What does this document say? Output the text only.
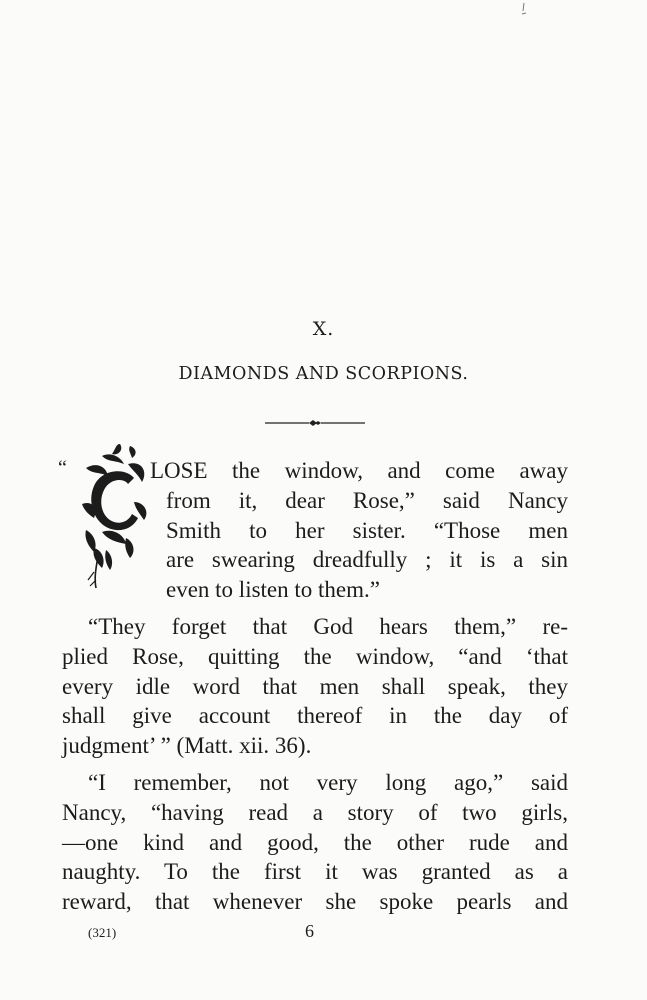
X.
DIAMONDS AND SCORPIONS.
“	LOSE the window, and come away
from it, dear Rose,” said Nancy
Smith to her sister. “Those men
are swearing dreadfully ; it is a sin
even to listen to them.”
“They forget that God hears them,” re-
plied Rose, quitting the window, “and ‘that
every idle word that men shall speak, they
shall give account thereof in the day of
judgment’ ” (Matt. xii. 36).
“I remember, not very long ago,” said
Nancy, “having read a story of two girls,
—one kind and good, the other rude and
naughty. To the first it was granted as a
reward, that whenever she spoke pearls and
(321)	6
